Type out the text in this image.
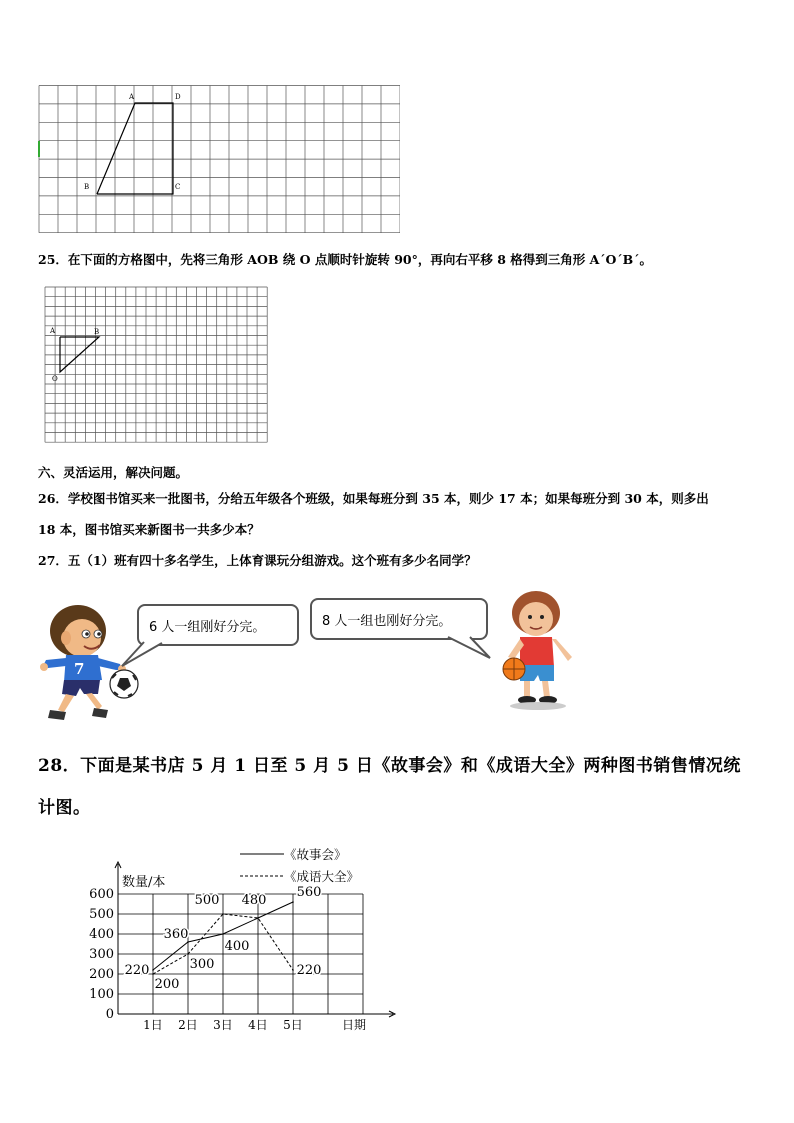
A	D
B	C
25．在下面的方格图中，先将三角形 AOB 绕 O 点顺时针旋转 90°，再向右平移 8 格得到三角形 A´O´B´。
A	B
O
六、灵活运用，解决问题。
26．学校图书馆买来一批图书，分给五年级各个班级，如果每班分到 35 本，则少 17 本；如果每班分到 30 本，则多出
18 本，图书馆买来新图书一共多少本？
27．五（1）班有四十多名学生，上体育课玩分组游戏。这个班有多少名同学？
7
6 人一组刚好分完。	8 人一组也刚好分完。
28．下面是某书店 5 月 1 日至 5 月 5 日《故事会》和《成语大全》两种图书销售情况统
计图。
0
100
200
300
400
500
600
1日 2日 3日 4日 5日
220
360
400
480
560
200
300
500
220
《故事会》
《成语大全》
数量/本
日期
